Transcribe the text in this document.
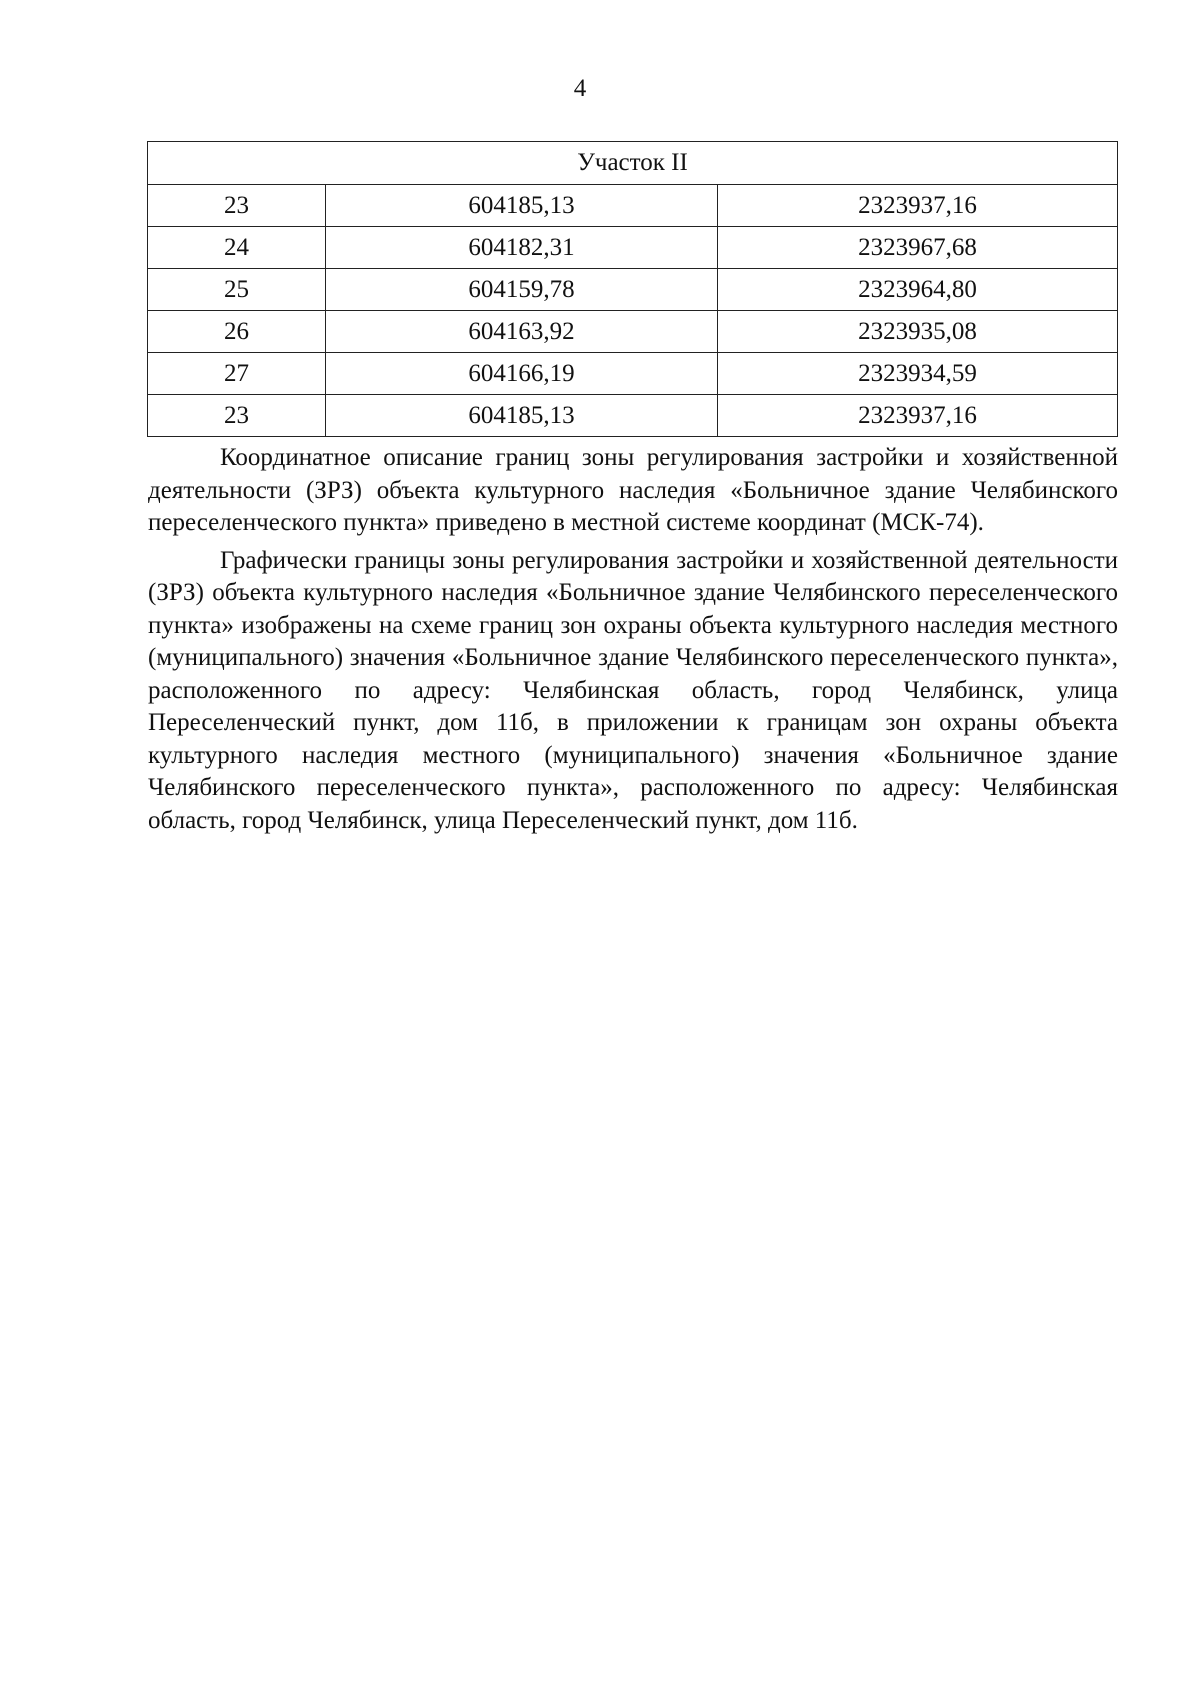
4
Участок II		
23	604185,13	2323937,16
24	604182,31	2323967,68
25	604159,78	2323964,80
26	604163,92	2323935,08
27	604166,19	2323934,59
23	604185,13	2323937,16

Координатное описание границ зоны регулирования застройки и хозяйственной деятельности (ЗРЗ) объекта культурного наследия «Больничное здание Челябинского переселенческого пункта» приведено в местной системе координат (МСК-74).

Графически границы зоны регулирования застройки и хозяйственной деятельности (ЗРЗ) объекта культурного наследия «Больничное здание Челябинского переселенческого пункта» изображены на схеме границ зон охраны объекта культурного наследия местного (муниципального) значения «Больничное здание Челябинского переселенческого пункта», расположенного по адресу: Челябинская область, город Челябинск, улица Переселенческий пункт, дом 11б, в приложении к границам зон охраны объекта культурного наследия местного (муниципального) значения «Больничное здание Челябинского переселенческого пункта», расположенного по адресу: Челябинская область, город Челябинск, улица Переселенческий пункт, дом 11б.
